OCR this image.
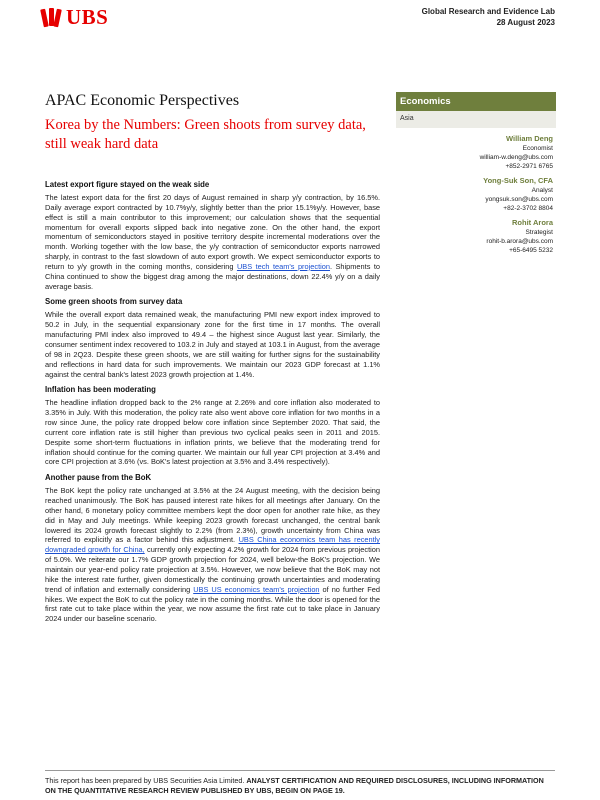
UBS	Global Research and Evidence Lab
28 August 2023
APAC Economic Perspectives
Korea by the Numbers: Green shoots from survey data, still weak hard data
Economics
Asia
William Deng
Economist
william-w.deng@ubs.com
+852-2971 6765
Yong-Suk Son, CFA
Analyst
yongsuk.son@ubs.com
+82-2-3702 8804
Rohit Arora
Strategist
rohit-b.arora@ubs.com
+65-6495 5232
Latest export figure stayed on the weak side

The latest export data for the first 20 days of August remained in sharp y/y contraction, by 16.5%. Daily average export contracted by 10.7%y/y, slightly better than the prior 15.1%y/y. However, base effect is still a main contributor to this improvement; our calculation shows that the sequential momentum for overall exports slipped back into negative zone. On the other hand, the export momentum of semiconductors stayed in positive territory despite incremental moderations over the month. Working together with the low base, the y/y contraction of semiconductor exports narrowed sharply, in contrast to the fast slowdown of auto export growth. We expect semiconductor exports to return to y/y growth in the coming months, considering UBS tech team's projection. Shipments to China continued to show the biggest drag among the major destinations, down 22.4% y/y on a daily average basis.

Some green shoots from survey data

While the overall export data remained weak, the manufacturing PMI new export index improved to 50.2 in July, in the sequential expansionary zone for the first time in 17 months. The overall manufacturing PMI index also improved to 49.4 – the highest since August last year. Similarly, the consumer sentiment index recovered to 103.2 in July and stayed at 103.1 in August, from the average of 98 in 2Q23. Despite these green shoots, we are still waiting for further signs for the sustainability and reflections in hard data for such improvements. We maintain our 2023 GDP forecast at 1.1% against the central bank's latest 2023 growth projection at 1.4%.

Inflation has been moderating

The headline inflation dropped back to the 2% range at 2.26% and core inflation also moderated to 3.35% in July. With this moderation, the policy rate also went above core inflation for two months in a row since June, the policy rate dropped below core inflation since September 2020. That said, the current core inflation rate is still higher than previous two cyclical peaks seen in 2011 and 2015. Despite some short-term fluctuations in inflation prints, we believe that the moderating trend for inflation should continue for the coming quarter. We maintain our full year CPI projection at 3.4% and core CPI projection at 3.6% (vs. BoK's latest projection at 3.5% and 3.4% respectively).

Another pause from the BoK

The BoK kept the policy rate unchanged at 3.5% at the 24 August meeting, with the decision being reached unanimously. The BoK has paused interest rate hikes for all meetings after January. On the other hand, 6 monetary policy committee members kept the door open for another rate hike, as they did in May and July meetings. While keeping 2023 growth forecast unchanged, the central bank lowered its 2024 growth forecast slightly to 2.2% (from 2.3%), growth uncertainty from China was referred to explicitly as a factor behind this adjustment. UBS China economics team has recently downgraded growth for China, currently only expecting 4.2% growth for 2024 from previous projection of 5.0%. We reiterate our 1.7% GDP growth projection for 2024, well below-the BoK's projection. We maintain our year-end policy rate projection at 3.5%. However, we now believe that the BoK may not hike the interest rate further, given domestically the continuing growth uncertainties and moderating trend of inflation and externally considering UBS US economics team's projection of no further Fed hikes. We expect the BoK to cut the policy rate in the coming months. While the door is opened for the first rate cut to take place within the year, we now assume the first rate cut to take place in January 2024 under our baseline scenario.

This report has been prepared by UBS Securities Asia Limited. ANALYST CERTIFICATION AND REQUIRED DISCLOSURES, INCLUDING INFORMATION ON THE QUANTITATIVE RESEARCH REVIEW PUBLISHED BY UBS, BEGIN ON PAGE 19.
